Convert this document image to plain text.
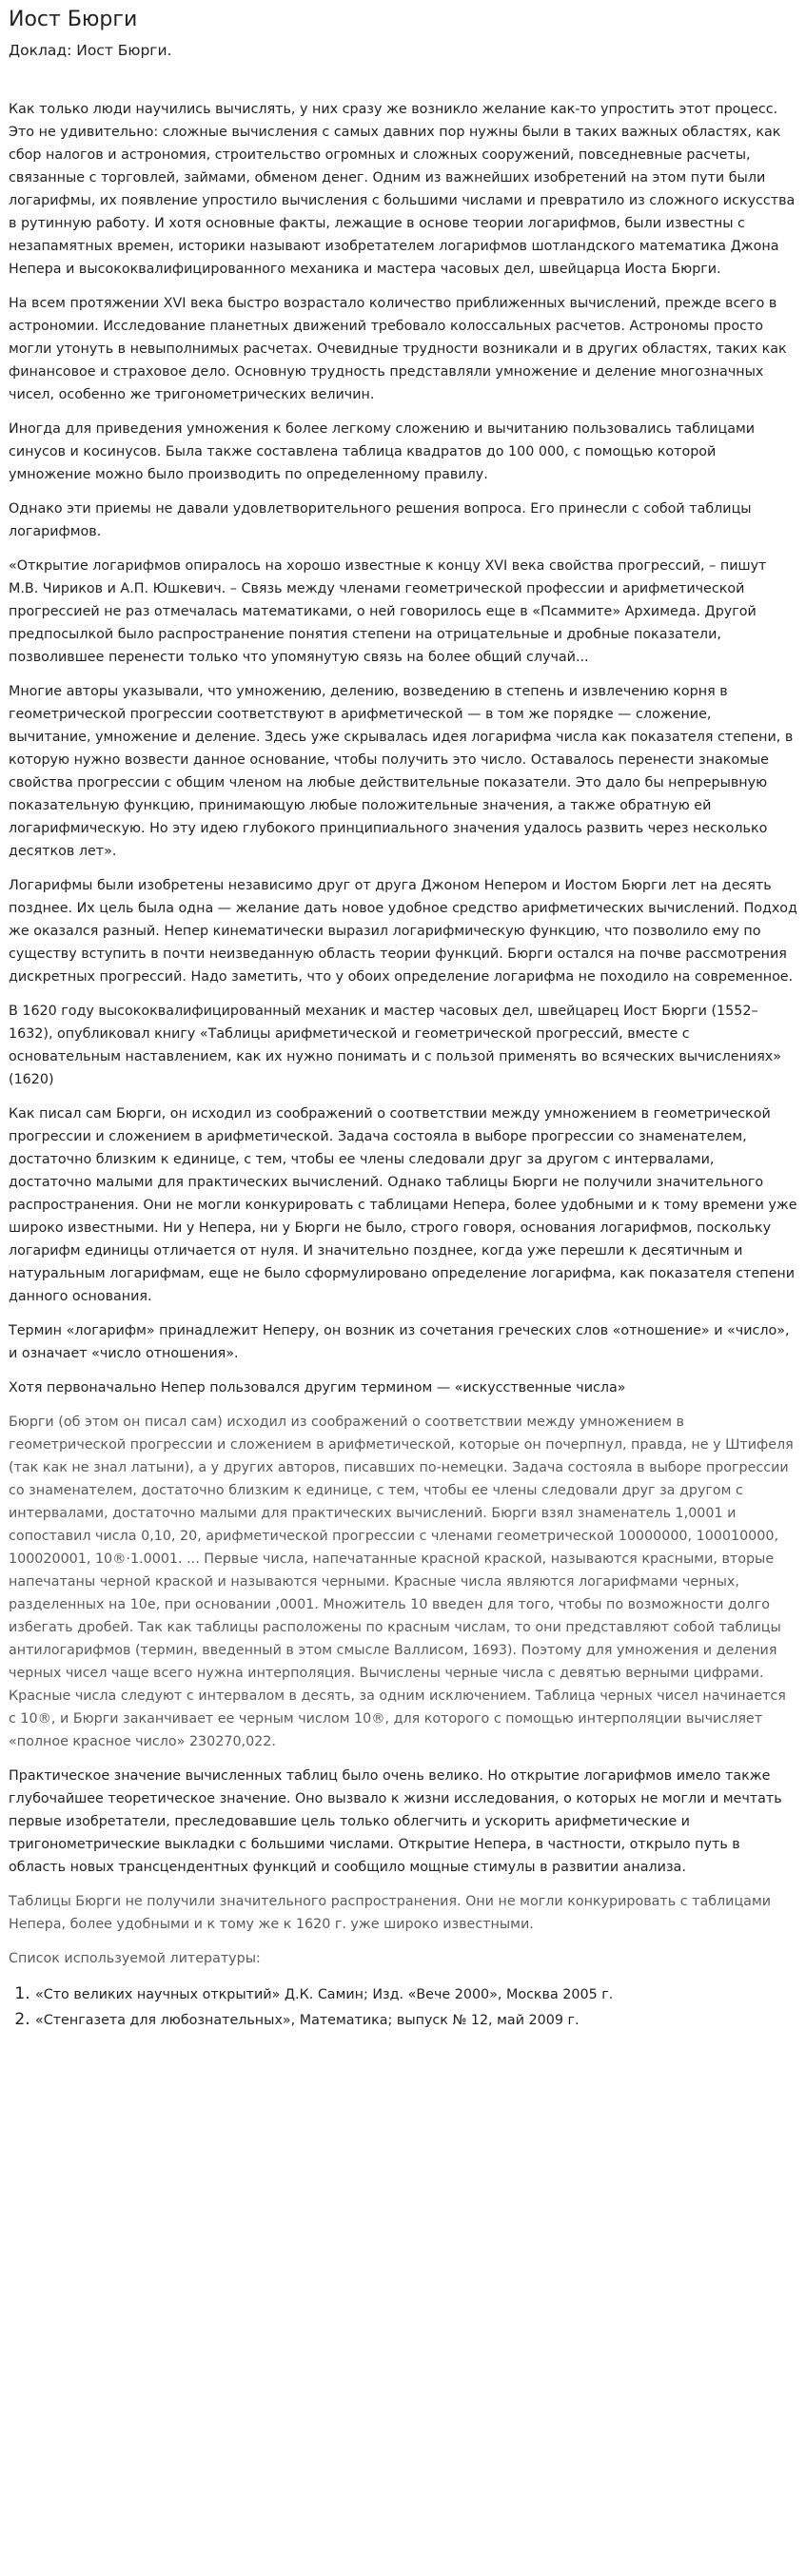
Иост Бюрги
Доклад: Иост Бюрги.

Как только люди научились вычислять, у них сразу же возникло желание как-то упростить этот процесс. Это не удивительно: сложные вычисления с самых давних пор нужны были в таких важных областях, как сбор налогов и астрономия, строительство огромных и сложных сооружений, повседневные расчеты, связанные с торговлей, займами, обменом денег. Одним из важнейших изобретений на этом пути были логарифмы, их появление упростило вычисления с большими числами и превратило из сложного искусства в рутинную работу. И хотя основные факты, лежащие в основе теории логарифмов, были известны с незапамятных времен, историки называют изобретателем логарифмов шотландского математика Джона Непера и высококвалифицированного механика и мастера часовых дел, швейцарца Иоста Бюрги.

На всем протяжении XVI века быстро возрастало количество приближенных вычислений, прежде всего в астрономии. Исследование планетных движений требовало колоссальных расчетов. Астрономы просто могли утонуть в невыполнимых расчетах. Очевидные трудности возникали и в других областях, таких как финансовое и страховое дело. Основную трудность представляли умножение и деление многозначных чисел, особенно же тригонометрических величин.

Иногда для приведения умножения к более легкому сложению и вычитанию пользовались таблицами синусов и косинусов. Была также составлена таблица квадратов до 100 000, с помощью которой умножение можно было производить по определенному правилу.

Однако эти приемы не давали удовлетворительного решения вопроса. Его принесли с собой таблицы логарифмов.

«Открытие логарифмов опиралось на хорошо известные к концу XVI века свойства прогрессий, – пишут М.В. Чириков и А.П. Юшкевич. – Связь между членами геометрической профессии и арифметической прогрессией не раз отмечалась математиками, о ней говорилось еще в «Псаммите» Архимеда. Другой предпосылкой было распространение понятия степени на отрицательные и дробные показатели, позволившее перенести только что упомянутую связь на более общий случай...

Многие авторы указывали, что умножению, делению, возведению в степень и извлечению корня в геометрической прогрессии соответствуют в арифметической — в том же порядке — сложение, вычитание, умножение и деление. Здесь уже скрывалась идея логарифма числа как показателя степени, в которую нужно возвести данное основание, чтобы получить это число. Оставалось перенести знакомые свойства прогрессии с общим членом на любые действительные показатели. Это дало бы непрерывную показательную функцию, принимающую любые положительные значения, а также обратную ей логарифмическую. Но эту идею глубокого принципиального значения удалось развить через несколько десятков лет».

Логарифмы были изобретены независимо друг от друга Джоном Непером и Иостом Бюрги лет на десять позднее. Их цель была одна — желание дать новое удобное средство арифметических вычислений. Подход же оказался разный. Непер кинематически выразил логарифмическую функцию, что позволило ему по существу вступить в почти неизведанную область теории функций. Бюрги остался на почве рассмотрения дискретных прогрессий. Надо заметить, что у обоих определение логарифма не походило на современное.

В 1620 году высококвалифицированный механик и мастер часовых дел, швейцарец Иост Бюрги (1552–1632), опубликовал книгу «Таблицы арифметической и геометрической прогрессий, вместе с основательным наставлением, как их нужно понимать и с пользой применять во всяческих вычислениях» (1620)

Как писал сам Бюрги, он исходил из соображений о соответствии между умножением в геометрической прогрессии и сложением в арифметической. Задача состояла в выборе прогрессии со знаменателем, достаточно близким к единице, с тем, чтобы ее члены следовали друг за другом с интервалами, достаточно малыми для практических вычислений. Однако таблицы Бюрги не получили значительного распространения. Они не могли конкурировать с таблицами Непера, более удобными и к тому времени уже широко известными. Ни у Непера, ни у Бюрги не было, строго говоря, основания логарифмов, поскольку логарифм единицы отличается от нуля. И значительно позднее, когда уже перешли к десятичным и натуральным логарифмам, еще не было сформулировано определение логарифма, как показателя степени данного основания.

Термин «логарифм» принадлежит Неперу, он возник из сочетания греческих слов «отношение» и «число», и означает «число отношения».

Хотя первоначально Непер пользовался другим термином — «искусственные числа»

Бюрги (об этом он писал сам) исходил из соображений о соответствии между умножением в геометрической прогрессии и сложением в арифметической, которые он почерпнул, правда, не у Штифеля (так как не знал латыни), а у других авторов, писавших по-немецки. Задача состояла в выборе прогрессии со знаменателем, достаточно близким к единице, с тем, чтобы ее члены следовали друг за другом с интервалами, достаточно малыми для практических вычислений. Бюрги взял знаменатель 1,0001 и сопоставил числа 0,10, 20, арифметической прогрессии с членами геометрической 10000000, 100010000, 100020001, 10®·1.0001. ... Первые числа, напечатанные красной краской, называются красными, вторые напечатаны черной краской и называются черными. Красные числа являются логарифмами черных, разделенных на 10е, при основании ,0001. Множитель 10 введен для того, чтобы по возможности долго избегать дробей. Так как таблицы расположены по красным числам, то они представляют собой таблицы антилогарифмов (термин, введенный в этом смысле Валлисом, 1693). Поэтому для умножения и деления черных чисел чаще всего нужна интерполяция. Вычислены черные числа с девятью верными цифрами. Красные числа следуют с интервалом в десять, за одним исключением. Таблица черных чисел начинается с 10®, и Бюрги заканчивает ее черным числом 10®, для которого с помощью интерполяции вычисляет «полное красное число» 230270,022.

Практическое значение вычисленных таблиц было очень велико. Но открытие логарифмов имело также глубочайшее теоретическое значение. Оно вызвало к жизни исследования, о которых не могли и мечтать первые изобретатели, преследовавшие цель только облегчить и ускорить арифметические и тригонометрические выкладки с большими числами. Открытие Непера, в частности, открыло путь в область новых трансцендентных функций и сообщило мощные стимулы в развитии анализа.

Таблицы Бюрги не получили значительного распространения. Они не могли конкурировать с таблицами Непера, более удобными и к тому же к 1620 г. уже широко известными.

Список используемой литературы:

1. «Сто великих научных открытий» Д.К. Самин; Изд. «Вече 2000», Москва 2005 г.
2. «Стенгазета для любознательных», Математика; выпуск № 12, май 2009 г.
